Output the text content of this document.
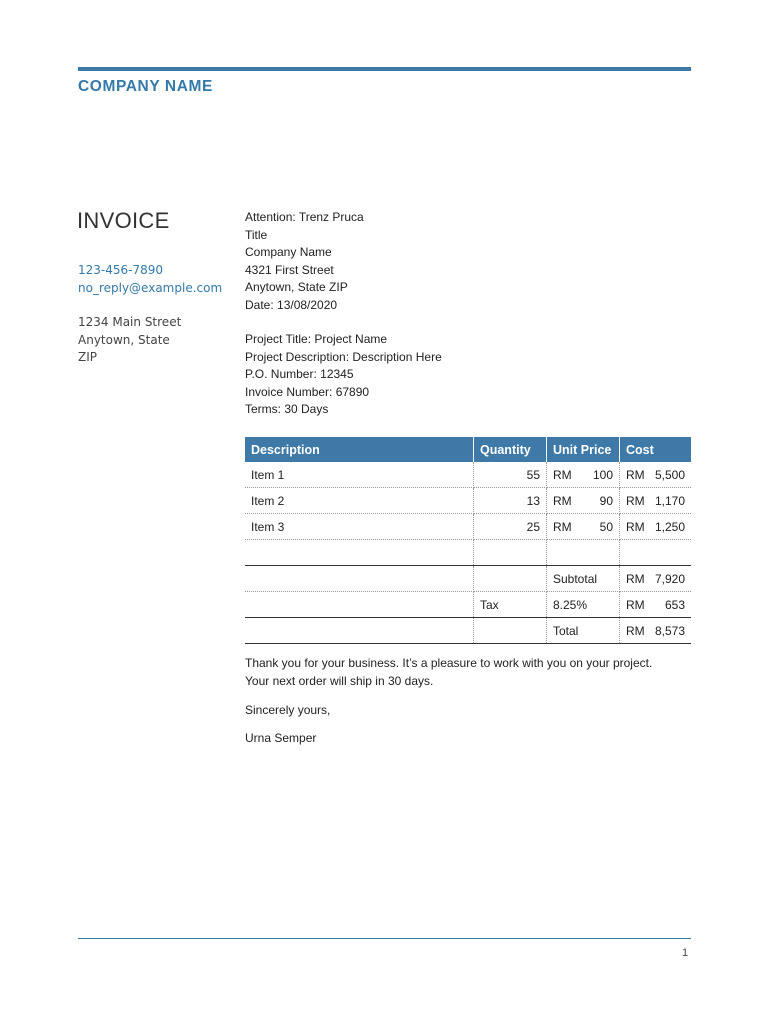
COMPANY NAME
INVOICE
123-456-7890
no_reply@example.com
1234 Main Street
Anytown, State
ZIP
Attention: Trenz Pruca
Title
Company Name
4321 First Street
Anytown, State ZIP
Date: 13/08/2020
Project Title: Project Name
Project Description: Description Here
P.O. Number: 12345
Invoice Number: 67890
Terms: 30 Days
Description	Quantity	Unit Price	Cost
Item 1	55	RM 100	RM 5,500

Item 2	13	RM 90	RM 1,170

Item 3	25	RM 50	RM 1,250

		Subtotal	RM 7,920

	Tax	8.25%	RM 653

		Total	RM 8,573
Thank you for your business. It’s a pleasure to work with you on your project.
Your next order will ship in 30 days.
Sincerely yours,
Urna Semper
1
